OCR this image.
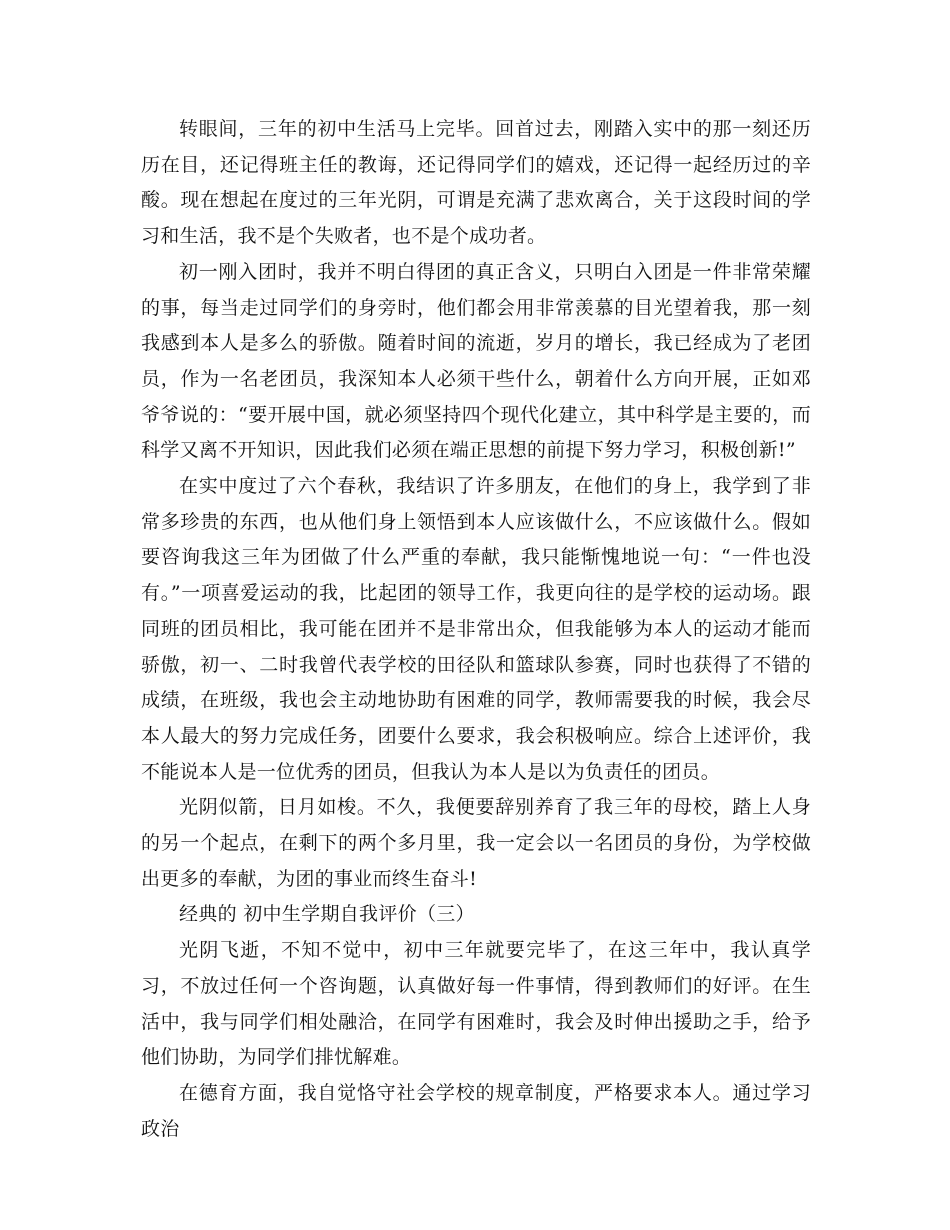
转眼间，三年的初中生活马上完毕。回首过去，刚踏入实中的那一刻还历历在目，还记得班主任的教诲，还记得同学们的嬉戏，还记得一起经历过的辛酸。现在想起在度过的三年光阴，可谓是充满了悲欢离合，关于这段时间的学习和生活，我不是个失败者，也不是个成功者。

初一刚入团时，我并不明白得团的真正含义，只明白入团是一件非常荣耀的事，每当走过同学们的身旁时，他们都会用非常羡慕的目光望着我，那一刻我感到本人是多么的骄傲。随着时间的流逝，岁月的增长，我已经成为了老团员，作为一名老团员，我深知本人必须干些什么，朝着什么方向开展，正如邓爷爷说的：“要开展中国，就必须坚持四个现代化建立，其中科学是主要的，而科学又离不开知识，因此我们必须在端正思想的前提下努力学习，积极创新!”

在实中度过了六个春秋，我结识了许多朋友，在他们的身上，我学到了非常多珍贵的东西，也从他们身上领悟到本人应该做什么，不应该做什么。假如要咨询我这三年为团做了什么严重的奉献，我只能惭愧地说一句：“一件也没有。”一项喜爱运动的我，比起团的领导工作，我更向往的是学校的运动场。跟同班的团员相比，我可能在团并不是非常出众，但我能够为本人的运动才能而骄傲，初一、二时我曾代表学校的田径队和篮球队参赛，同时也获得了不错的成绩，在班级，我也会主动地协助有困难的同学，教师需要我的时候，我会尽本人最大的努力完成任务，团要什么要求，我会积极响应。综合上述评价，我不能说本人是一位优秀的团员，但我认为本人是以为负责任的团员。

光阴似箭，日月如梭。不久，我便要辞别养育了我三年的母校，踏上人身的另一个起点，在剩下的两个多月里，我一定会以一名团员的身份，为学校做出更多的奉献，为团的事业而终生奋斗!

经典的 初中生学期自我评价（三）

光阴飞逝，不知不觉中，初中三年就要完毕了，在这三年中，我认真学习，不放过任何一个咨询题，认真做好每一件事情，得到教师们的好评。在生活中，我与同学们相处融洽，在同学有困难时，我会及时伸出援助之手，给予他们协助，为同学们排忧解难。

在德育方面，我自觉恪守社会学校的规章制度，严格要求本人。通过学习政治
